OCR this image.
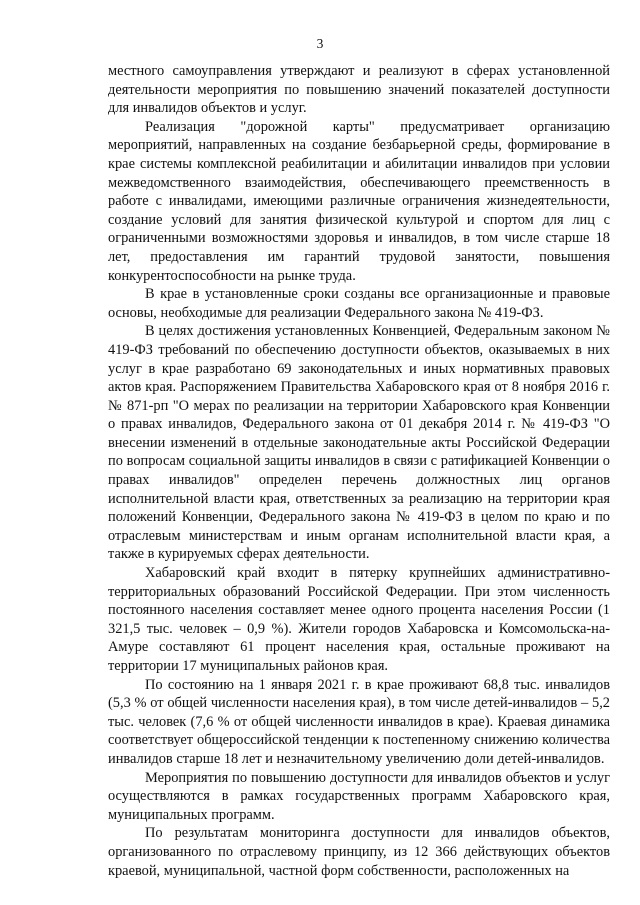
3

местного самоуправления утверждают и реализуют в сферах установленной деятельности мероприятия по повышению значений показателей доступности для инвалидов объектов и услуг.

Реализация "дорожной карты" предусматривает организацию мероприятий, направленных на создание безбарьерной среды, формирование в крае системы комплексной реабилитации и абилитации инвалидов при условии межведомственного взаимодействия, обеспечивающего преемственность в работе с инвалидами, имеющими различные ограничения жизнедеятельности, создание условий для занятия физической культурой и спортом для лиц с ограниченными возможностями здоровья и инвалидов, в том числе старше 18 лет, предоставления им гарантий трудовой занятости, повышения конкурентоспособности на рынке труда.

В крае в установленные сроки созданы все организационные и правовые основы, необходимые для реализации Федерального закона № 419-ФЗ.

В целях достижения установленных Конвенцией, Федеральным законом № 419-ФЗ требований по обеспечению доступности объектов, оказываемых в них услуг в крае разработано 69 законодательных и иных нормативных правовых актов края. Распоряжением Правительства Хабаровского края от 8 ноября 2016 г. № 871-рп "О мерах по реализации на территории Хабаровского края Конвенции о правах инвалидов, Федерального закона от 01 декабря 2014 г. № 419-ФЗ "О внесении изменений в отдельные законодательные акты Российской Федерации по вопросам социальной защиты инвалидов в связи с ратификацией Конвенции о правах инвалидов" определен перечень должностных лиц органов исполнительной власти края, ответственных за реализацию на территории края положений Конвенции, Федерального закона № 419-ФЗ в целом по краю и по отраслевым министерствам и иным органам исполнительной власти края, а также в курируемых сферах деятельности.

Хабаровский край входит в пятерку крупнейших административно-территориальных образований Российской Федерации. При этом численность постоянного населения составляет менее одного процента населения России (1 321,5 тыс. человек – 0,9 %). Жители городов Хабаровска и Комсомольска-на-Амуре составляют 61 процент населения края, остальные проживают на территории 17 муниципальных районов края.

По состоянию на 1 января 2021 г. в крае проживают 68,8 тыс. инвалидов (5,3 % от общей численности населения края), в том числе детей-инвалидов – 5,2 тыс. человек (7,6 % от общей численности инвалидов в крае). Краевая динамика соответствует общероссийской тенденции к постепенному снижению количества инвалидов старше 18 лет и незначительному увеличению доли детей-инвалидов.

Мероприятия по повышению доступности для инвалидов объектов и услуг осуществляются в рамках государственных программ Хабаровского края, муниципальных программ.

По результатам мониторинга доступности для инвалидов объектов, организованного по отраслевому принципу, из 12 366 действующих объектов краевой, муниципальной, частной форм собственности, расположенных на
